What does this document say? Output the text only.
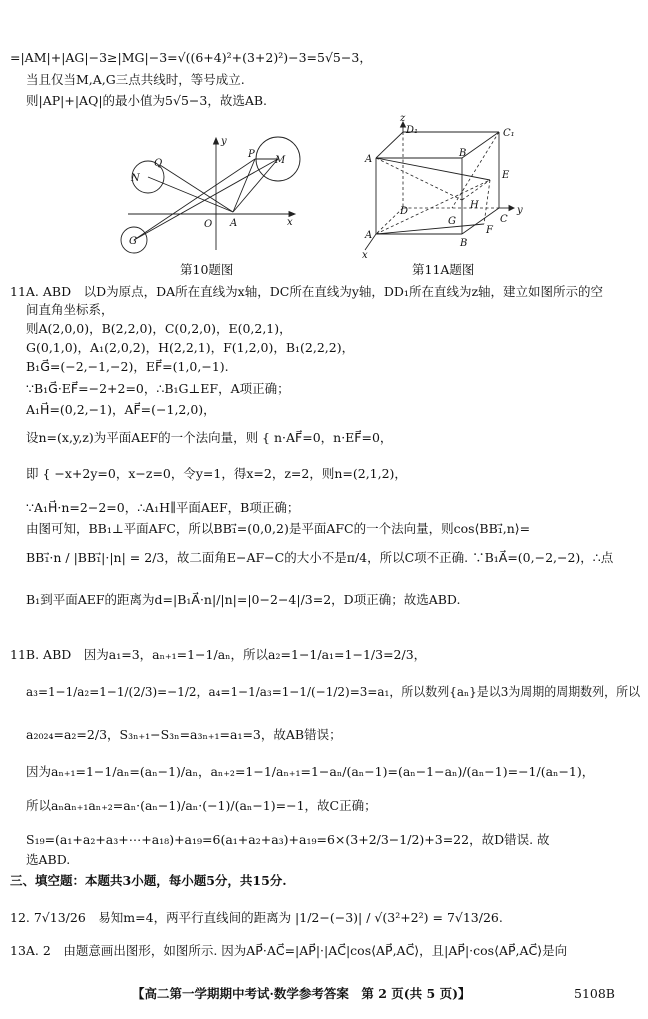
=|AM|+|AG|−3≥|MG|−3=√((6+4)²+(3+2)²)−3=5√5−3，
当且仅当M,A,G三点共线时，等号成立.
则|AP|+|AQ|的最小值为5√5−3，故选AB.
y
x
O A
P
M
Q
N
G
z
D₁	C₁
A
B
E
D
G
H
C
y
A
B
F
x
第10题图	第11A题图
11A. ABD　以D为原点，DA所在直线为x轴，DC所在直线为y轴，DD₁所在直线为z轴，建立如图所示的空
间直角坐标系，
则A(2,0,0)，B(2,2,0)，C(0,2,0)，E(0,2,1)，
G(0,1,0)，A₁(2,0,2)，H(2,2,1)，F(1,2,0)，B₁(2,2,2)，
B₁G⃗=(−2,−1,−2)，EF⃗=(1,0,−1).
∵B₁G⃗·EF⃗=−2+2=0，∴B₁G⊥EF，A项正确；
A₁H⃗=(0,2,−1)，AF⃗=(−1,2,0)，
设n=(x,y,z)为平面AEF的一个法向量，则 { n·AF⃗=0，n·EF⃗=0，
即 { −x+2y=0，x−z=0，令y=1，得x=2，z=2，则n=(2,1,2)，
∵A₁H⃗·n=2−2=0，∴A₁H∥平面AEF，B项正确；
由图可知，BB₁⊥平面AFC，所以BB₁⃗=(0,0,2)是平面AFC的一个法向量，则cos⟨BB₁⃗,n⟩=
BB₁⃗·n / |BB₁⃗|·|n| = 2/3，故二面角E−AF−C的大小不是π/4，所以C项不正确. ∵B₁A⃗=(0,−2,−2)，∴点
B₁到平面AEF的距离为d=|B₁A⃗·n|/|n|=|0−2−4|/3=2，D项正确；故选ABD.
11B. ABD　因为a₁=3，aₙ₊₁=1−1/aₙ，所以a₂=1−1/a₁=1−1/3=2/3，
a₃=1−1/a₂=1−1/(2/3)=−1/2，a₄=1−1/a₃=1−1/(−1/2)=3=a₁，所以数列{aₙ}是以3为周期的周期数列，所以
a₂₀₂₄=a₂=2/3，S₃ₙ₊₁−S₃ₙ=a₃ₙ₊₁=a₁=3，故AB错误；
因为aₙ₊₁=1−1/aₙ=(aₙ−1)/aₙ，aₙ₊₂=1−1/aₙ₊₁=1−aₙ/(aₙ−1)=(aₙ−1−aₙ)/(aₙ−1)=−1/(aₙ−1)，
所以aₙaₙ₊₁aₙ₊₂=aₙ·(aₙ−1)/aₙ·(−1)/(aₙ−1)=−1，故C正确；
S₁₉=(a₁+a₂+a₃+⋯+a₁₈)+a₁₉=6(a₁+a₂+a₃)+a₁₉=6×(3+2/3−1/2)+3=22，故D错误. 故
选ABD.
三、填空题：本题共3小题，每小题5分，共15分.
12. 7√13/26　易知m=4，两平行直线间的距离为 |1/2−(−3)| / √(3²+2²) = 7√13/26.
13A. 2　由题意画出图形，如图所示. 因为AP⃗·AC⃗=|AP⃗|·|AC⃗|cos⟨AP⃗,AC⃗⟩，且|AP⃗|·cos⟨AP⃗,AC⃗⟩是向
【高二第一学期期中考试·数学参考答案　第 2 页(共 5 页)】	5108B
